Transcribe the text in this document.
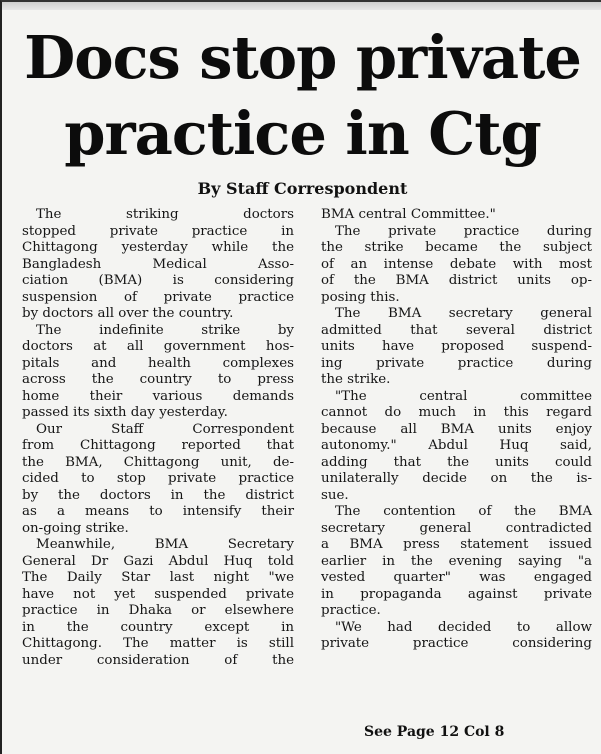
Docs stop private
practice in Ctg
By Staff Correspondent
The striking doctors
stopped private practice in
Chittagong yesterday while the
Bangladesh Medical Asso-
ciation (BMA) is considering
suspension of private practice
by doctors all over the country.
The indefinite strike by
doctors at all government hos-
pitals and health complexes
across the country to press
home their various demands
passed its sixth day yesterday.
Our Staff Correspondent
from Chittagong reported that
the BMA, Chittagong unit, de-
cided to stop private practice
by the doctors in the district
as a means to intensify their
on-going strike.
Meanwhile, BMA Secretary
General Dr Gazi Abdul Huq told
The Daily Star last night "we
have not yet suspended private
practice in Dhaka or elsewhere
in the country except in
Chittagong. The matter is still
under consideration of the
BMA central Committee."
The private practice during
the strike became the subject
of an intense debate with most
of the BMA district units op-
posing this.
The BMA secretary general
admitted that several district
units have proposed suspend-
ing private practice during
the strike.
"The central committee
cannot do much in this regard
because all BMA units enjoy
autonomy." Abdul Huq said,
adding that the units could
unilaterally decide on the is-
sue.
The contention of the BMA
secretary general contradicted
a BMA press statement issued
earlier in the evening saying "a
vested quarter" was engaged
in propaganda against private
practice.
"We had decided to allow
private practice considering
See Page 12 Col 8
